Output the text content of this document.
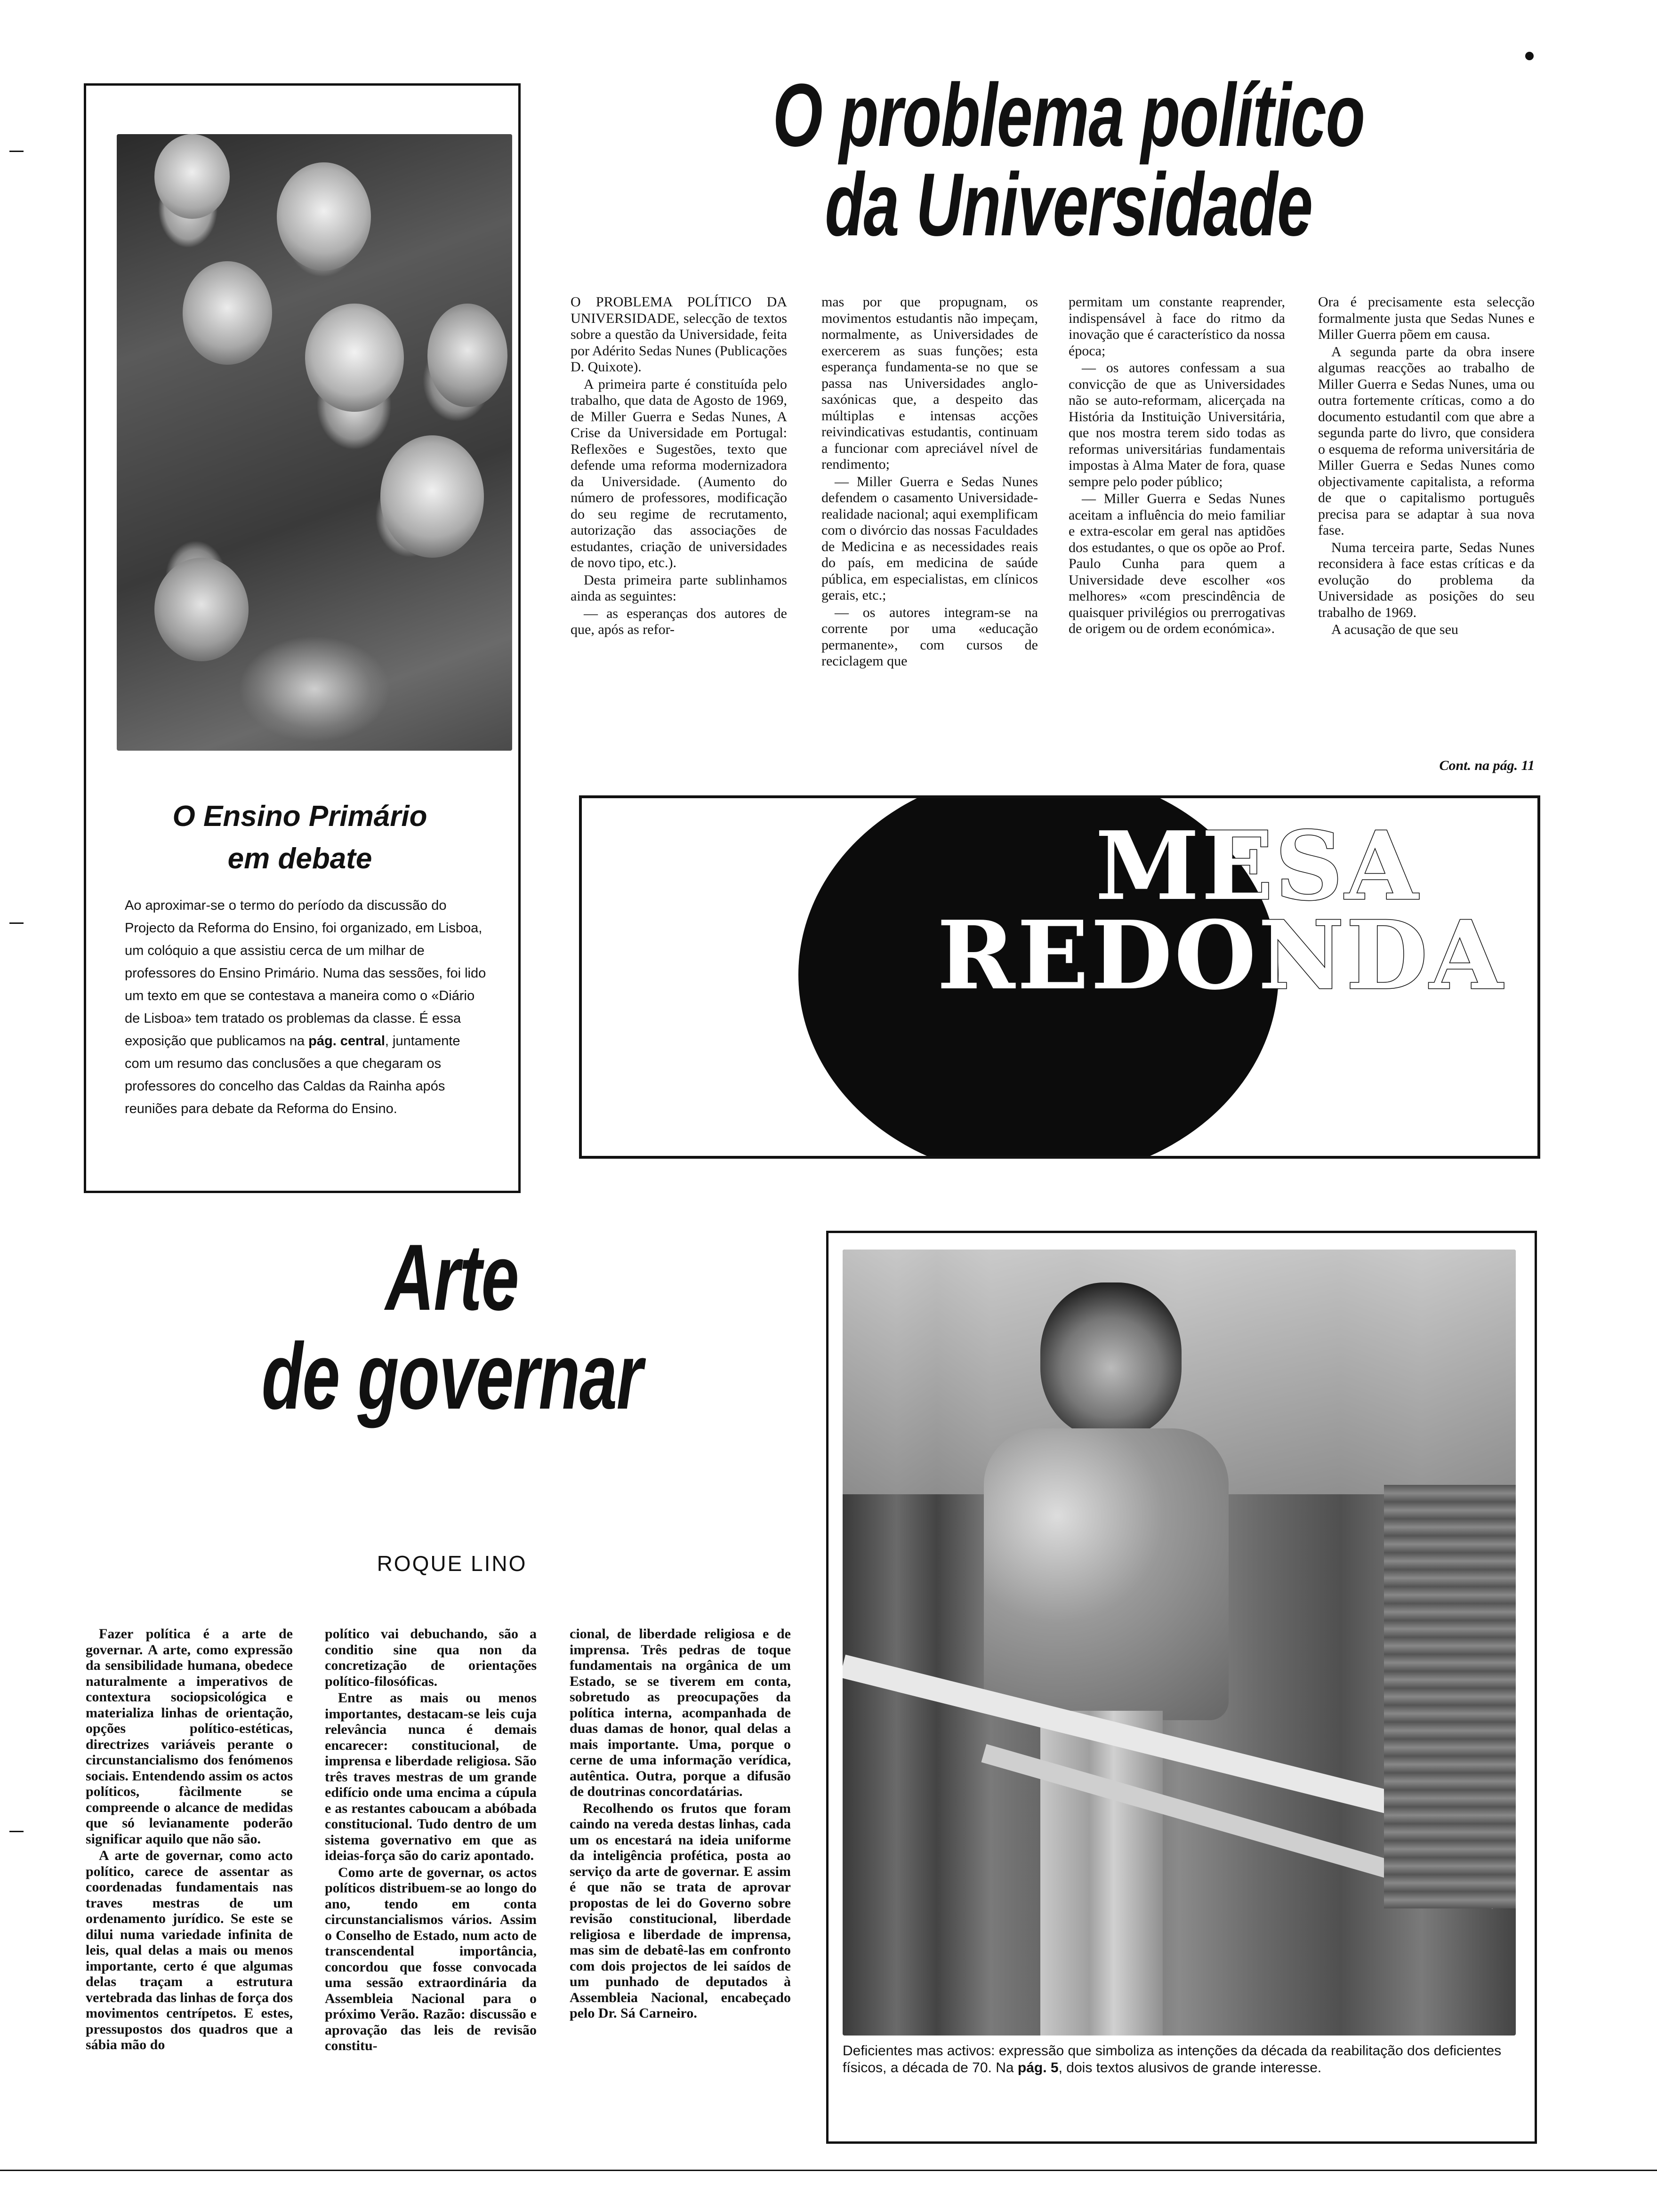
O Ensino Primário
em debate
Ao aproximar-se o termo do período da discussão do Projecto da Reforma do Ensino, foi organizado, em Lisboa, um colóquio a que assistiu cerca de um milhar de professores do Ensino Primário. Numa das sessões, foi lido um texto em que se contestava a maneira como o «Diário de Lisboa» tem tratado os problemas da classe. É essa exposição que publicamos na pág. central, juntamente com um resumo das conclusões a que chegaram os professores do concelho das Caldas da Rainha após reuniões para debate da Reforma do Ensino.
O problema político
da Universidade

O PROBLEMA POLÍTICO DA UNIVERSIDADE, selecção de textos sobre a questão da Universidade, feita por Adérito Sedas Nunes (Publicações D. Quixote).

A primeira parte é constituída pelo trabalho, que data de Agosto de 1969, de Miller Guerra e Sedas Nunes, A Crise da Universidade em Portugal: Reflexões e Sugestões, texto que defende uma reforma modernizadora da Universidade. (Aumento do número de professores, modificação do seu regime de recrutamento, autorização das associações de estudantes, criação de universidades de novo tipo, etc.).

Desta primeira parte sublinhamos ainda as seguintes:

— as esperanças dos autores de que, após as refor-

mas por que propugnam, os movimentos estudantis não impeçam, normalmente, as Universidades de exercerem as suas funções; esta esperança fundamenta-se no que se passa nas Universidades anglo-saxónicas que, a despeito das múltiplas e intensas acções reivindicativas estudantis, continuam a funcionar com apreciável nível de rendimento;

— Miller Guerra e Sedas Nunes defendem o casamento Universidade-realidade nacional; aqui exemplificam com o divórcio das nossas Faculdades de Medicina e as necessidades reais do país, em medicina de saúde pública, em especialistas, em clínicos gerais, etc.;

— os autores integram-se na corrente por uma «educação permanente», com cursos de reciclagem que

permitam um constante reaprender, indispensável à face do ritmo da inovação que é característico da nossa época;

— os autores confessam a sua convicção de que as Universidades não se auto-reformam, alicerçada na História da Instituição Universitária, que nos mostra terem sido todas as reformas universitárias fundamentais impostas à Alma Mater de fora, quase sempre pelo poder público;

— Miller Guerra e Sedas Nunes aceitam a influência do meio familiar e extra-escolar em geral nas aptidões dos estudantes, o que os opõe ao Prof. Paulo Cunha para quem a Universidade deve escolher «os melhores» «com prescindência de quaisquer privilégios ou prerrogativas de origem ou de ordem económica».

Ora é precisamente esta selecção formalmente justa que Sedas Nunes e Miller Guerra põem em causa.

A segunda parte da obra insere algumas reacções ao trabalho de Miller Guerra e Sedas Nunes, uma ou outra fortemente críticas, como a do documento estudantil com que abre a segunda parte do livro, que considera o esquema de reforma universitária de Miller Guerra e Sedas Nunes como objectivamente capitalista, a reforma de que o capitalismo português precisa para se adaptar à sua nova fase.

Numa terceira parte, Sedas Nunes reconsidera à face estas críticas e da evolução do problema da Universidade as posições do seu trabalho de 1969.

A acusação de que seu

Cont. na pág. 11
MESA
REDONDA
Arte
de governar
ROQUE LINO

Fazer política é a arte de governar. A arte, como expressão da sensibilidade humana, obedece naturalmente a imperativos de contextura sociopsicológica e materializa linhas de orientação, opções político-estéticas, directrizes variáveis perante o circunstancialismo dos fenómenos sociais. Entendendo assim os actos políticos, fàcilmente se compreende o alcance de medidas que só levianamente poderão significar aquilo que não são.

A arte de governar, como acto político, carece de assentar as coordenadas fundamentais nas traves mestras de um ordenamento jurídico. Se este se dilui numa variedade infinita de leis, qual delas a mais ou menos importante, certo é que algumas delas traçam a estrutura vertebrada das linhas de força dos movimentos centrípetos. E estes, pressupostos dos quadros que a sábia mão do

político vai debuchando, são a conditio sine qua non da concretização de orientações político-filosóficas.

Entre as mais ou menos importantes, destacam-se leis cuja relevância nunca é demais encarecer: constitucional, de imprensa e liberdade religiosa. São três traves mestras de um grande edifício onde uma encima a cúpula e as restantes caboucam a abóbada constitucional. Tudo dentro de um sistema governativo em que as ideias-força são do cariz apontado.

Como arte de governar, os actos políticos distribuem-se ao longo do ano, tendo em conta circunstancialismos vários. Assim o Conselho de Estado, num acto de transcendental importância, concordou que fosse convocada uma sessão extraordinária da Assembleia Nacional para o próximo Verão. Razão: discussão e aprovação das leis de revisão constitu-

cional, de liberdade religiosa e de imprensa. Três pedras de toque fundamentais na orgânica de um Estado, se se tiverem em conta, sobretudo as preocupações da política interna, acompanhada de duas damas de honor, qual delas a mais importante. Uma, porque o cerne de uma informação verídica, autêntica. Outra, porque a difusão de doutrinas concordatárias.

Recolhendo os frutos que foram caindo na vereda destas linhas, cada um os encestará na ideia uniforme da inteligência profética, posta ao serviço da arte de governar. E assim é que não se trata de aprovar propostas de lei do Governo sobre revisão constitucional, liberdade religiosa e liberdade de imprensa, mas sim de debatê-las em confronto com dois projectos de lei saídos de um punhado de deputados à Assembleia Nacional, encabeçado pelo Dr. Sá Carneiro.

Deficientes mas activos: expressão que simboliza as intenções da década da reabilitação dos deficientes físicos, a década de 70. Na pág. 5, dois textos alusivos de grande interesse.
